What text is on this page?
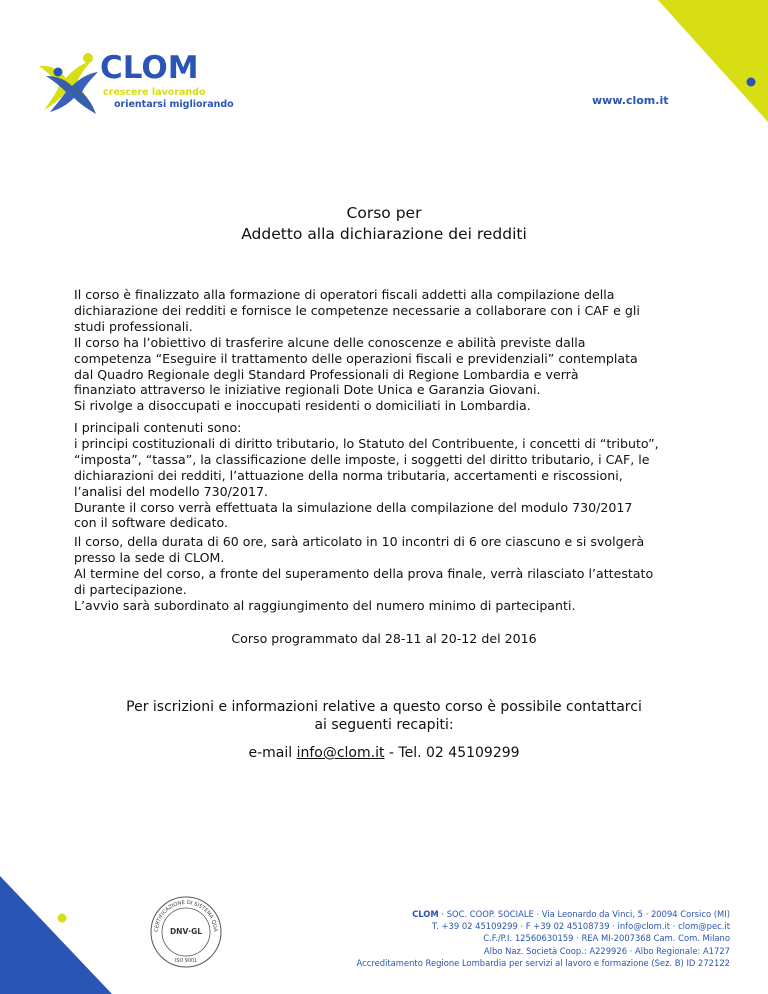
CLOM
crescere lavorando
orientarsi migliorando	www.clom.it
Corso per
Addetto alla dichiarazione dei redditi
Il corso è finalizzato alla formazione di operatori fiscali addetti alla compilazione della
dichiarazione dei redditi e fornisce le competenze necessarie a collaborare con i CAF e gli
studi professionali.
Il corso ha l’obiettivo di trasferire alcune delle conoscenze e abilità previste dalla
competenza “Eseguire il trattamento delle operazioni fiscali e previdenziali” contemplata
dal Quadro Regionale degli Standard Professionali di Regione Lombardia e verrà
finanziato attraverso le iniziative regionali Dote Unica e Garanzia Giovani.
Si rivolge a disoccupati e inoccupati residenti o domiciliati in Lombardia.
I principali contenuti sono:
i principi costituzionali di diritto tributario, lo Statuto del Contribuente, i concetti di “tributo”,
“imposta”, “tassa”, la classificazione delle imposte, i soggetti del diritto tributario, i CAF, le
dichiarazioni dei redditi, l’attuazione della norma tributaria, accertamenti e riscossioni,
l’analisi del modello 730/2017.
Durante il corso verrà effettuata la simulazione della compilazione del modulo 730/2017
con il software dedicato.
Il corso, della durata di 60 ore, sarà articolato in 10 incontri di 6 ore ciascuno e si svolgerà
presso la sede di CLOM.
Al termine del corso, a fronte del superamento della prova finale, verrà rilasciato l’attestato
di partecipazione.
L’avvio sarà subordinato al raggiungimento del numero minimo di partecipanti.
Corso programmato dal 28-11 al 20-12 del 2016
Per iscrizioni e informazioni relative a questo corso è possibile contattarci
ai seguenti recapiti:
e-mail info@clom.it - Tel. 02 45109299
CERTIFICAZIONE DI SISTEMA QUA
DNV·GL
ISO 9001
CLOM · SOC. COOP. SOCIALE · Via Leonardo da Vinci, 5 · 20094 Corsico (MI)
T. +39 02 45109299 · F +39 02 45108739 · info@clom.it · clom@pec.it
C.F./P.I. 12560630159 · REA MI-2007368 Cam. Com. Milano
Albo Naz. Società Coop.: A229926 · Albo Regionale: A1727
Accreditamento Regione Lombardia per servizi al lavoro e formazione (Sez. B) ID 272122
